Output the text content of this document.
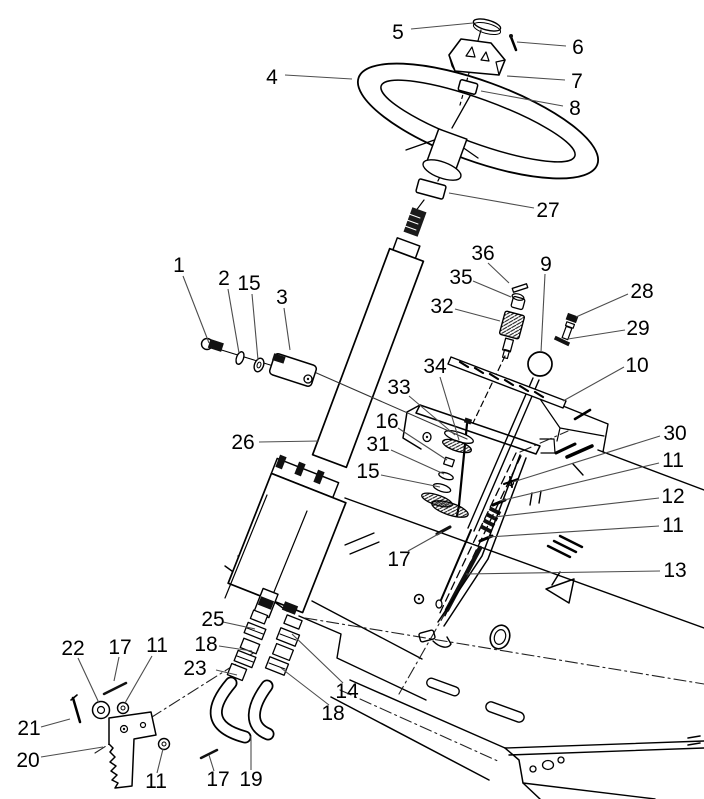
5
6
4	7
8
27
36 9
35
28
32
29
10
1
2 15
3
34
33
16
26	31
15
30
11
12
11
17	13
25
18
23
14
18
22 17 11
21
20
11 17 19
